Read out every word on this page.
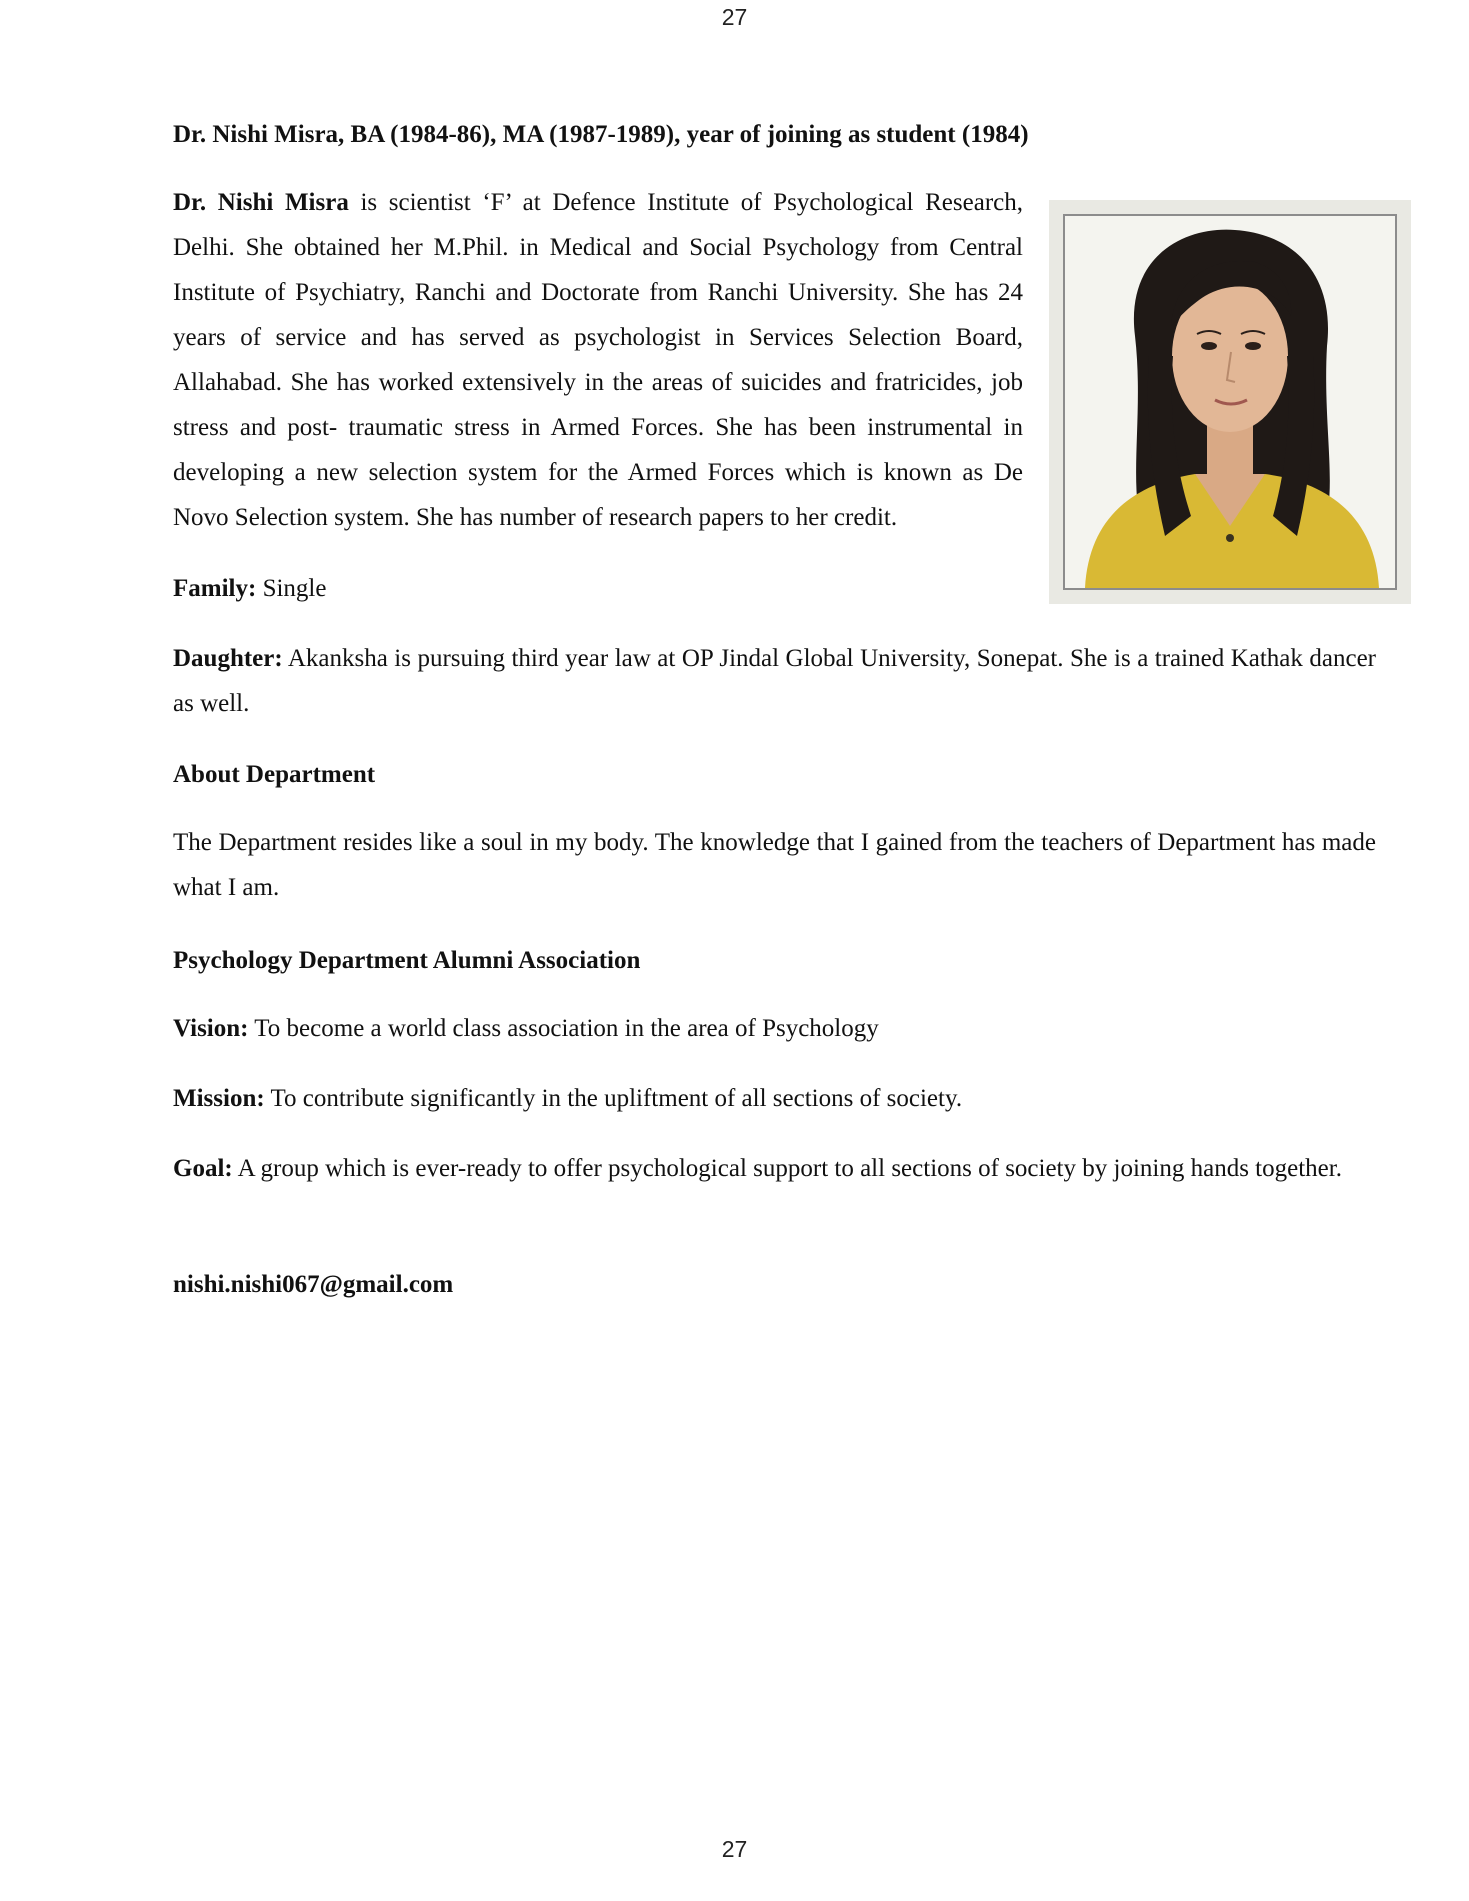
27
Dr. Nishi Misra, BA (1984-86), MA (1987-1989), year of joining as student (1984)
Dr. Nishi Misra is scientist ‘F’ at Defence Institute of Psychological Research, Delhi. She obtained her M.Phil. in Medical and Social Psychology from Central Institute of Psychiatry, Ranchi and Doctorate from Ranchi University. She has 24 years of service and has served as psychologist in Services Selection Board, Allahabad. She has worked extensively in the areas of suicides and fratricides, job stress and post- traumatic stress in Armed Forces. She has been instrumental in developing a new selection system for the Armed Forces which is known as De Novo Selection system. She has number of research papers to her credit.
Family: Single
Daughter: Akanksha is pursuing third year law at OP Jindal Global University, Sonepat. She is a trained Kathak dancer as well.
About Department
The Department resides like a soul in my body. The knowledge that I gained from the teachers of Department has made what I am.
Psychology Department Alumni Association
Vision: To become a world class association in the area of Psychology
Mission: To contribute significantly in the upliftment of all sections of society.
Goal: A group which is ever-ready to offer psychological support to all sections of society by joining hands together.
nishi.nishi067@gmail.com
27
